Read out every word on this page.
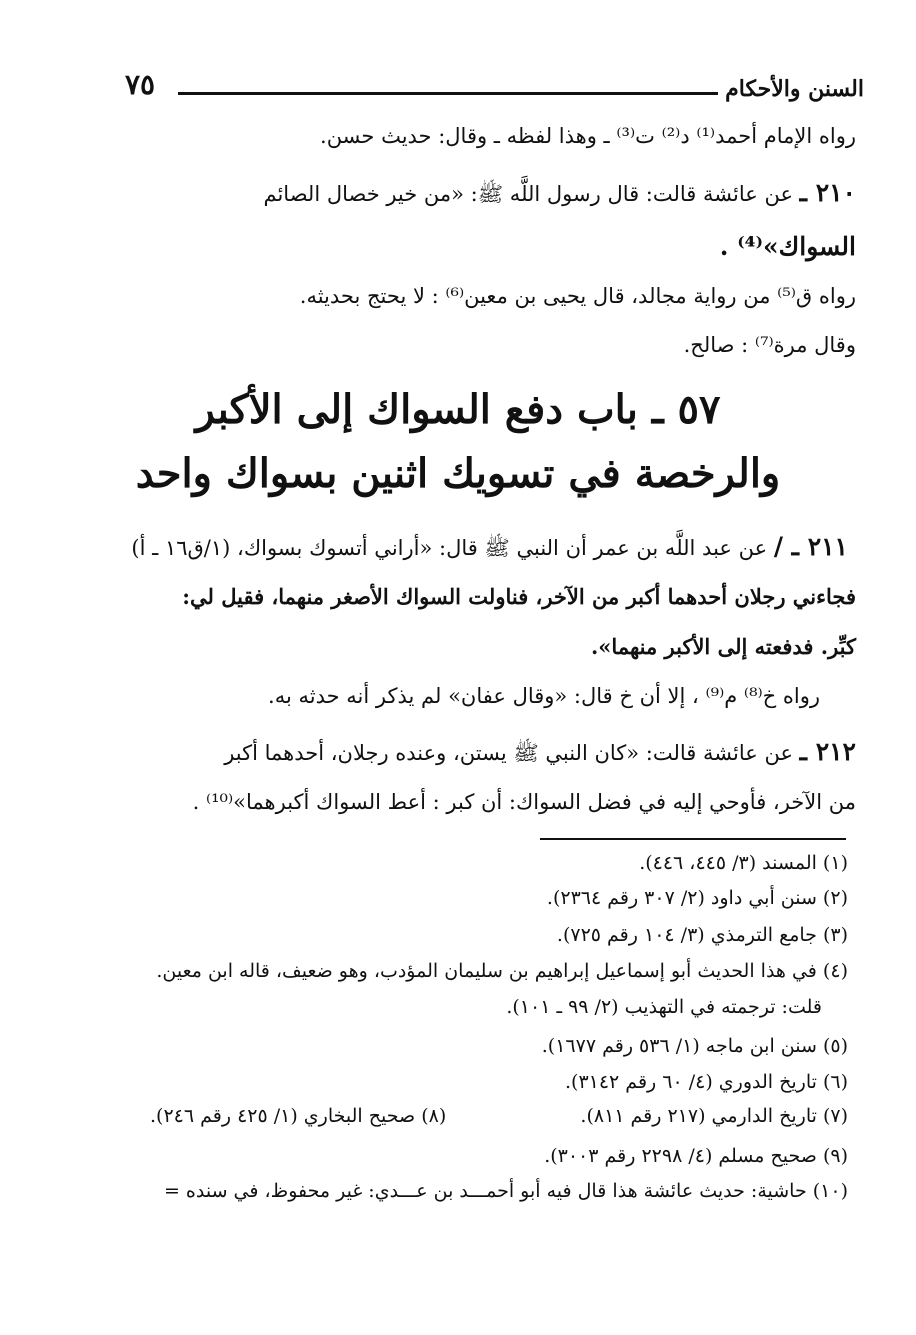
السنن والأحكام
٧٥
رواه الإمام أحمد⁽¹⁾ د⁽²⁾ ت⁽³⁾ ـ وهذا لفظه ـ وقال: حديث حسن.
٢١٠ ـ عن عائشة قالت: قال رسول اللَّه ﷺ: «من خير خصال الصائم
السواك»⁽⁴⁾ .
رواه ق⁽⁵⁾ من رواية مجالد، قال يحيى بن معين⁽⁶⁾ : لا يحتج بحديثه.
وقال مرة⁽⁷⁾ : صالح.
٥٧ ـ باب دفع السواك إلى الأكبر
والرخصة في تسويك اثنين بسواك واحد
٢١١ ـ / عن عبد اللَّه بن عمر أن النبي ﷺ قال: «أراني أتسوك بسواك، (١/ق١٦ ـ أ)
فجاءني رجلان أحدهما أكبر من الآخر، فناولت السواك الأصغر منهما، فقيل لي:
كبِّر. فدفعته إلى الأكبر منهما».
رواه خ⁽⁸⁾ م⁽⁹⁾ ، إلا أن خ قال: «وقال عفان» لم يذكر أنه حدثه به.
٢١٢ ـ عن عائشة قالت: «كان النبي ﷺ يستن، وعنده رجلان، أحدهما أكبر
من الآخر، فأوحي إليه في فضل السواك: أن كبر : أعط السواك أكبرهما»⁽¹⁰⁾ .
(١) المسند (٣/ ٤٤٥، ٤٤٦).
(٢) سنن أبي داود (٢/ ٣٠٧ رقم ٢٣٦٤).
(٣) جامع الترمذي (٣/ ١٠٤ رقم ٧٢٥).
(٤) في هذا الحديث أبو إسماعيل إبراهيم بن سليمان المؤدب، وهو ضعيف، قاله ابن معين.
قلت: ترجمته في التهذيب (٢/ ٩٩ ـ ١٠١).
(٥) سنن ابن ماجه (١/ ٥٣٦ رقم ١٦٧٧).
(٦) تاريخ الدوري (٤/ ٦٠ رقم ٣١٤٢).
(٧) تاريخ الدارمي (٢١٧ رقم ٨١١).
(٨) صحيح البخاري (١/ ٤٢٥ رقم ٢٤٦).
(٩) صحيح مسلم (٤/ ٢٢٩٨ رقم ٣٠٠٣).
(١٠) حاشية: حديث عائشة هذا قال فيه أبو أحمـــد بن عـــدي: غير محفوظ، في سنده =
